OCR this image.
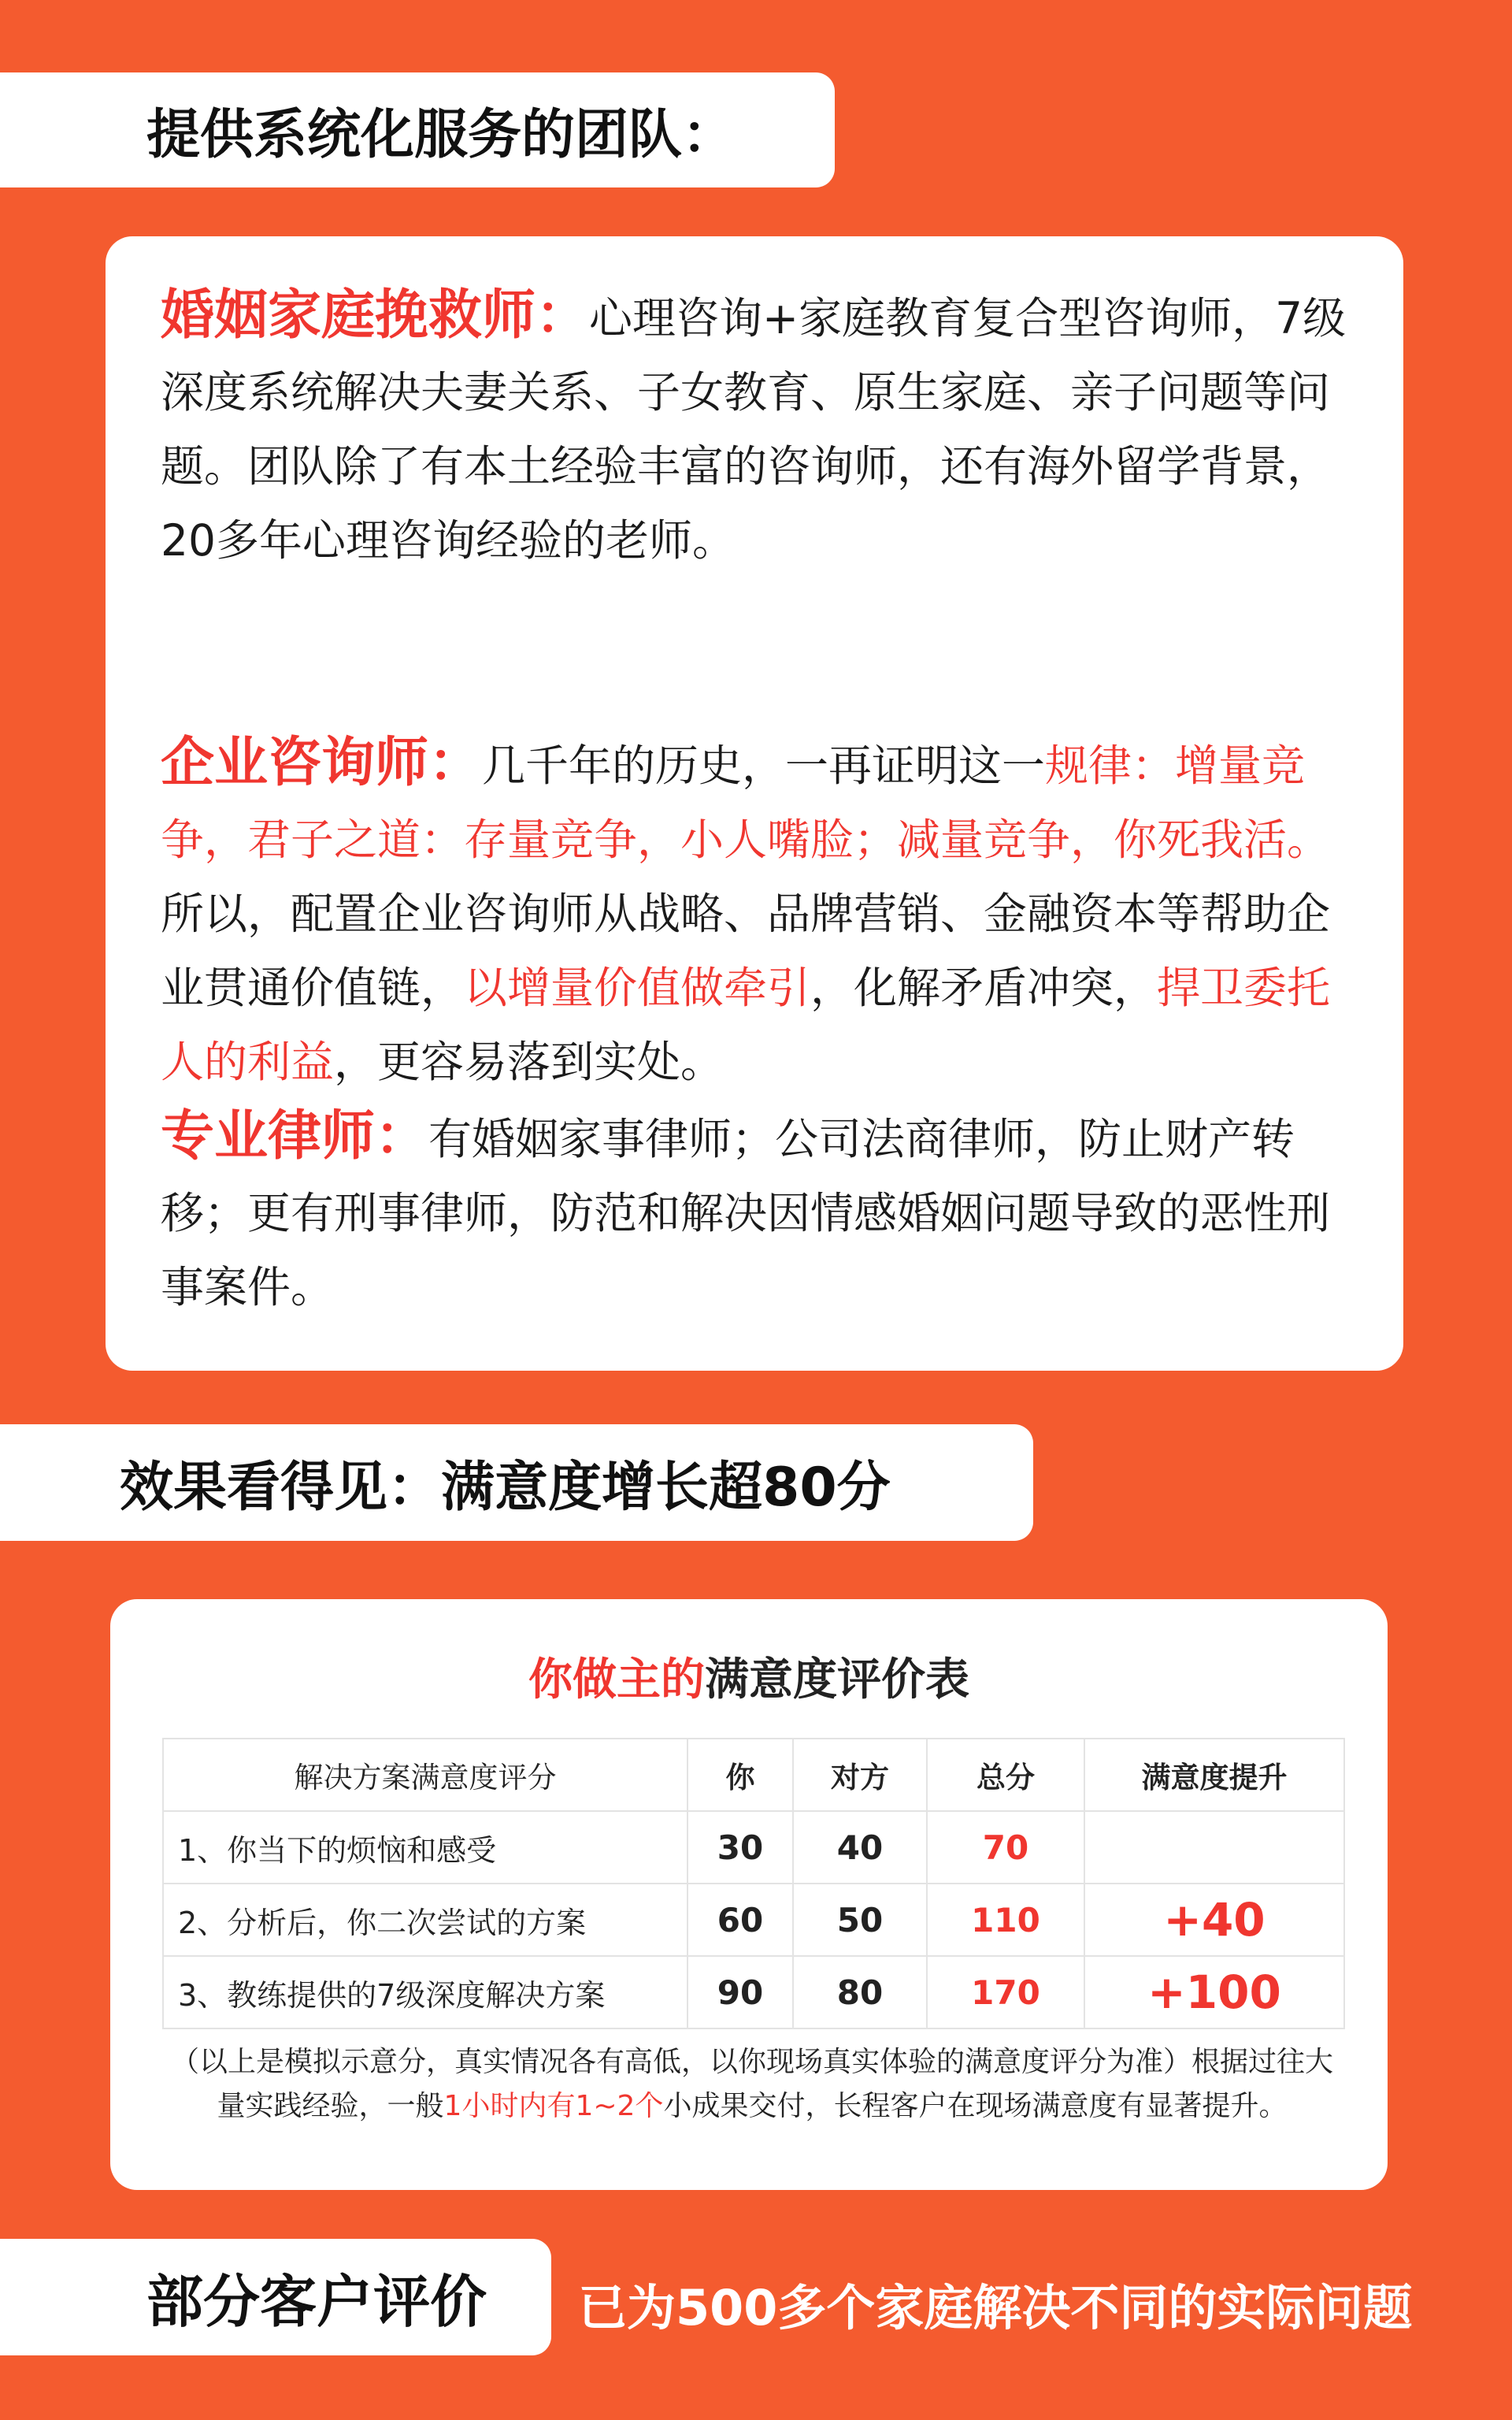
提供系统化服务的团队：
婚姻家庭挽救师：心理咨询+家庭教育复合型咨询师，7级深度系统解决夫妻关系、子女教育、原生家庭、亲子问题等问题。团队除了有本土经验丰富的咨询师，还有海外留学背景，20多年心理咨询经验的老师。
企业咨询师：几千年的历史，一再证明这一规律：增量竞争，君子之道：存量竞争，小人嘴脸；减量竞争，你死我活。所以，配置企业咨询师从战略、品牌营销、金融资本等帮助企业贯通价值链，以增量价值做牵引，化解矛盾冲突，捍卫委托人的利益，更容易落到实处。
专业律师：有婚姻家事律师；公司法商律师，防止财产转移；更有刑事律师，防范和解决因情感婚姻问题导致的恶性刑事案件。
效果看得见：满意度增长超80分
你做主的满意度评价表
解决方案满意度评分	你	对方	总分	满意度提升
1、你当下的烦恼和感受	30	40	70	
2、分析后，你二次尝试的方案	60	50	110	+40
3、教练提供的7级深度解决方案	90	80	170	+100
（以上是模拟示意分，真实情况各有高低，以你现场真实体验的满意度评分为准）根据过往大量实践经验，一般1小时内有1~2个小成果交付，长程客户在现场满意度有显著提升。
部分客户评价 已为500多个家庭解决不同的实际问题
